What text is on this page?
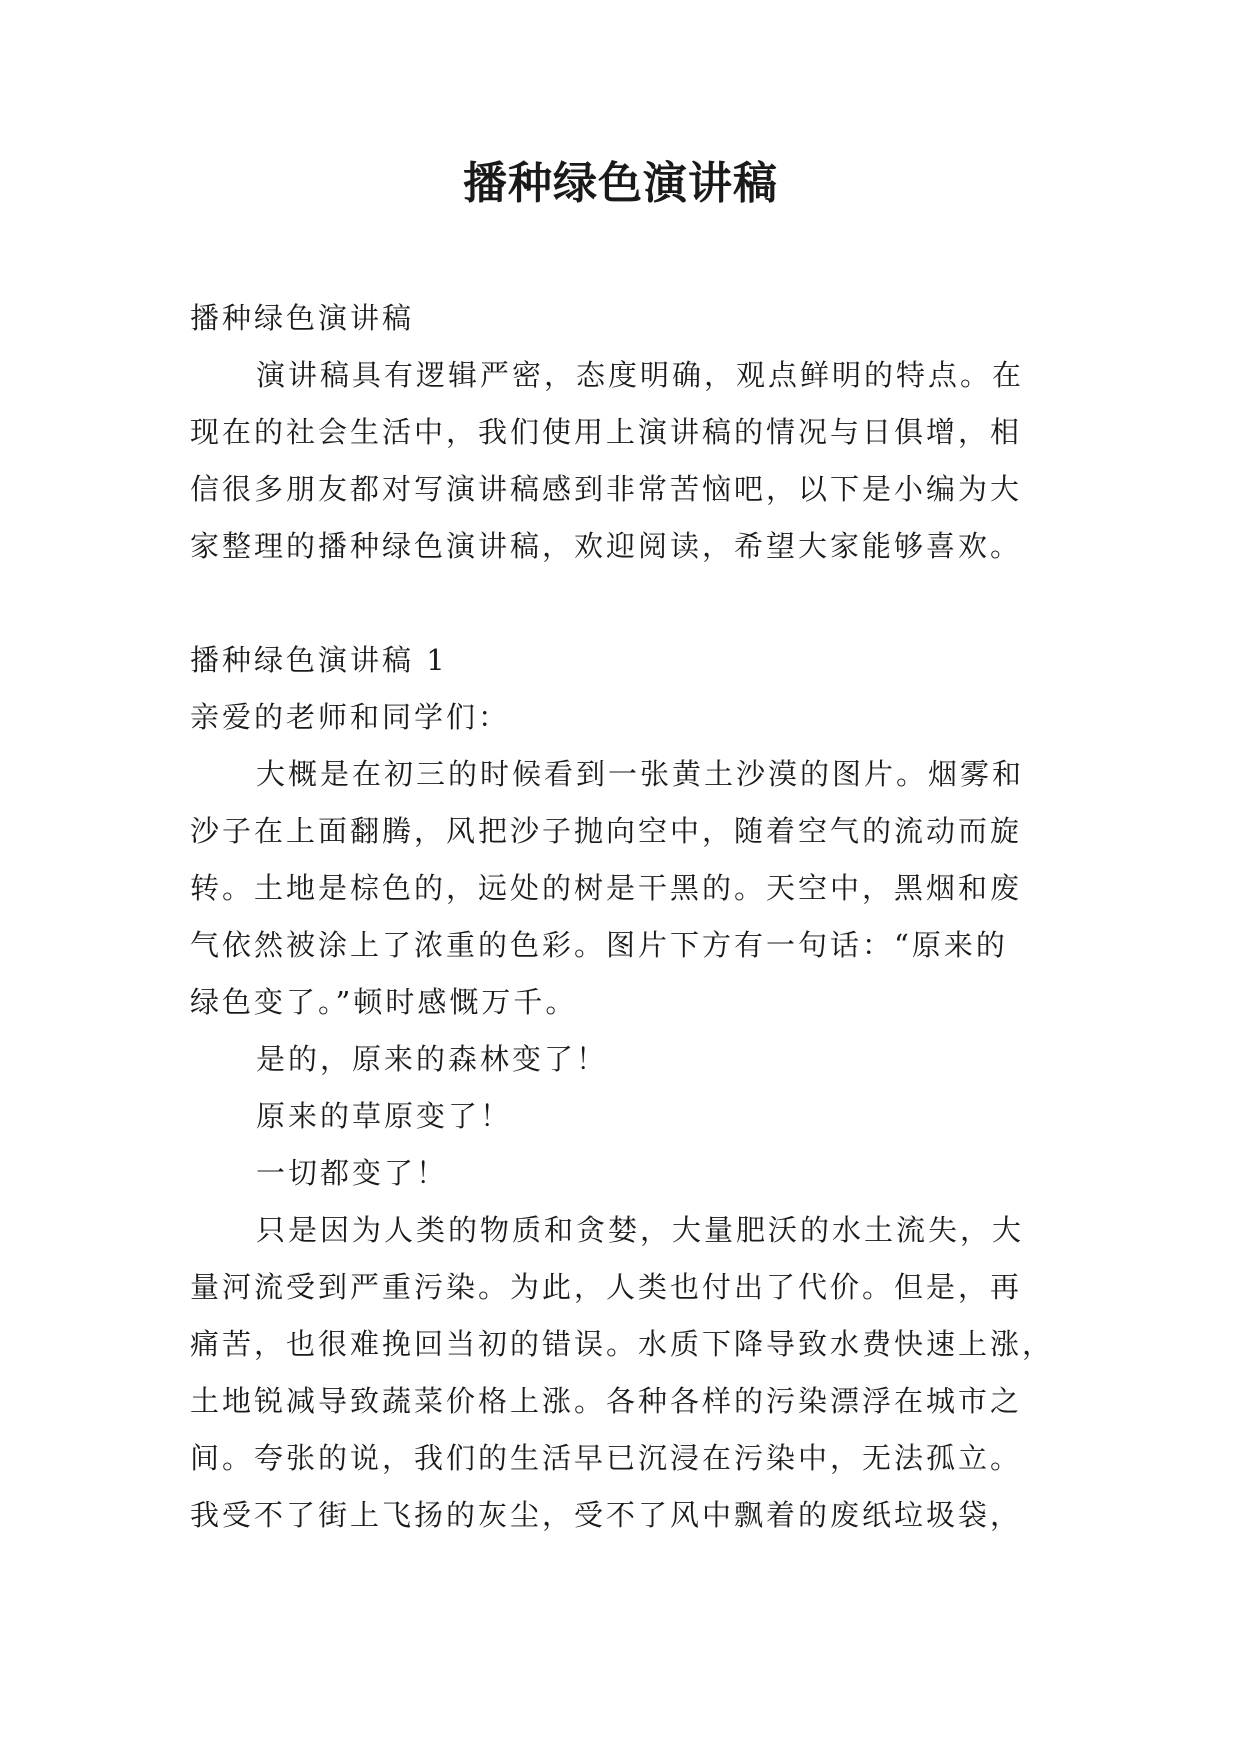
播种绿色演讲稿
播种绿色演讲稿
演讲稿具有逻辑严密，态度明确，观点鲜明的特点。在
现在的社会生活中，我们使用上演讲稿的情况与日俱增，相
信很多朋友都对写演讲稿感到非常苦恼吧，以下是小编为大
家整理的播种绿色演讲稿，欢迎阅读，希望大家能够喜欢。
播种绿色演讲稿 1
亲爱的老师和同学们：
大概是在初三的时候看到一张黄土沙漠的图片。烟雾和
沙子在上面翻腾，风把沙子抛向空中，随着空气的流动而旋
转。土地是棕色的，远处的树是干黑的。天空中，黑烟和废
气依然被涂上了浓重的色彩。图片下方有一句话：“原来的
绿色变了。”顿时感慨万千。
是的，原来的森林变了！
原来的草原变了！
一切都变了！
只是因为人类的物质和贪婪，大量肥沃的水土流失，大
量河流受到严重污染。为此，人类也付出了代价。但是，再
痛苦，也很难挽回当初的错误。水质下降导致水费快速上涨，
土地锐减导致蔬菜价格上涨。各种各样的污染漂浮在城市之
间。夸张的说，我们的生活早已沉浸在污染中，无法孤立。
我受不了街上飞扬的灰尘，受不了风中飘着的废纸垃圾袋，
